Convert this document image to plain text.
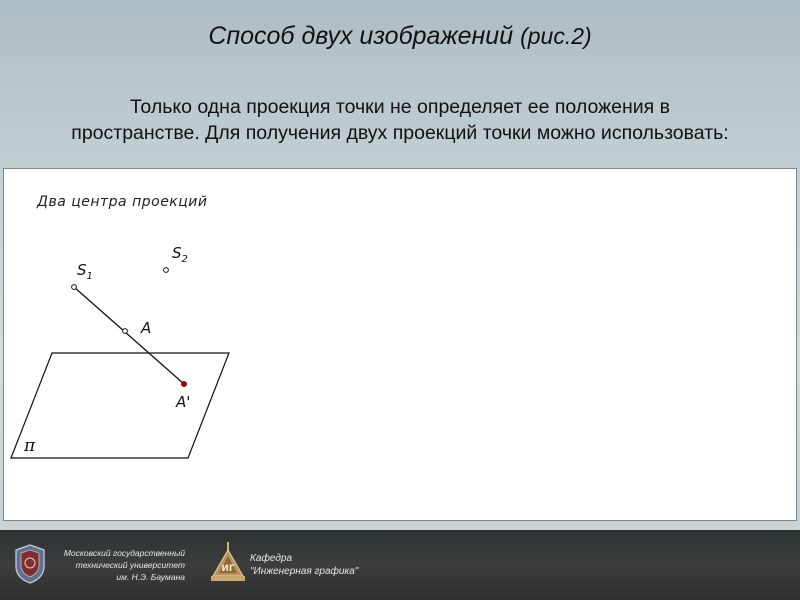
Способ двух изображений (рис.2)
Только одна проекция точки не определяет ее положения в
пространстве. Для получения двух проекций точки можно использовать:
Два центра проекций
$S_1$
$S_2$
A
A'
π
Московский государственный
технический университет
им. Н.Э. Баумана
ИГ
Кафедра
"Инженерная графика"
